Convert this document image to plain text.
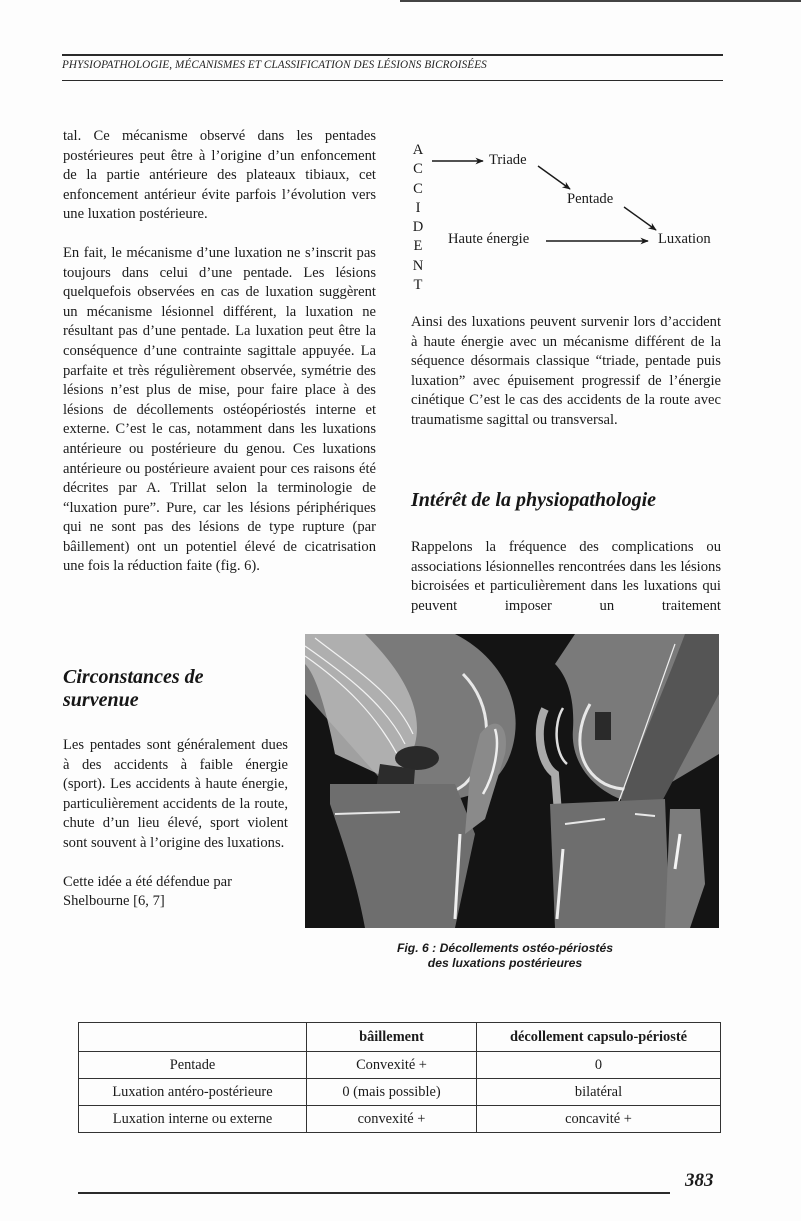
PHYSIOPATHOLOGIE, MÉCANISMES ET CLASSIFICATION DES LÉSIONS BICROISÉES

tal. Ce mécanisme observé dans les pentades postérieures peut être à l’origine d’un enfoncement de la partie antérieure des plateaux tibiaux, cet enfoncement antérieur évite parfois l’évolution vers une luxation postérieure.

En fait, le mécanisme d’une luxation ne s’inscrit pas toujours dans celui d’une pentade. Les lésions quelquefois observées en cas de luxation suggèrent un mécanisme lésionnel différent, la luxation ne résultant pas d’une pentade. La luxation peut être la conséquence d’une contrainte sagittale appuyée. La parfaite et très régulièrement observée, symétrie des lésions n’est plus de mise, pour faire place à des lésions de décollements ostéopériostés interne et externe. C’est le cas, notamment dans les luxations antérieure ou postérieure du genou. Ces luxations antérieure ou postérieure avaient pour ces raisons été décrites par A. Trillat selon la terminologie de “luxation pure”. Pure, car les lésions périphériques qui ne sont pas des lésions de type rupture (par bâillement) ont un potentiel élevé de cicatrisation une fois la réduction faite (fig. 6).

Circonstances de survenue

Les pentades sont généralement dues à des accidents à faible énergie (sport). Les accidents à haute énergie, particulièrement accidents de la route, chute d’un lieu élevé, sport violent sont souvent à l’origine des luxations.

Cette idée a été défendue par Shelbourne [6, 7]

A
C
C
I
D
E
N
T
Triade
Pentade
Haute énergie	Luxation

Ainsi des luxations peuvent survenir lors d’accident à haute énergie avec un mécanisme différent de la séquence désormais classique “triade, pentade puis luxation” avec épuisement progressif de l’énergie cinétique C’est le cas des accidents de la route avec traumatisme sagittal ou transversal.

Intérêt de la physiopathologie

Rappelons la fréquence des complications ou associations lésionnelles rencontrées dans les lésions bicroisées et particulièrement dans les luxations qui peuvent imposer un traitement

Fig. 6 : Décollements ostéo-périostés
des luxations postérieures
	bâillement	décollement capsulo-périosté
Pentade	Convexité +	0
Luxation antéro-postérieure	0 (mais possible)	bilatéral
Luxation interne ou externe	convexité +	concavité +
383
